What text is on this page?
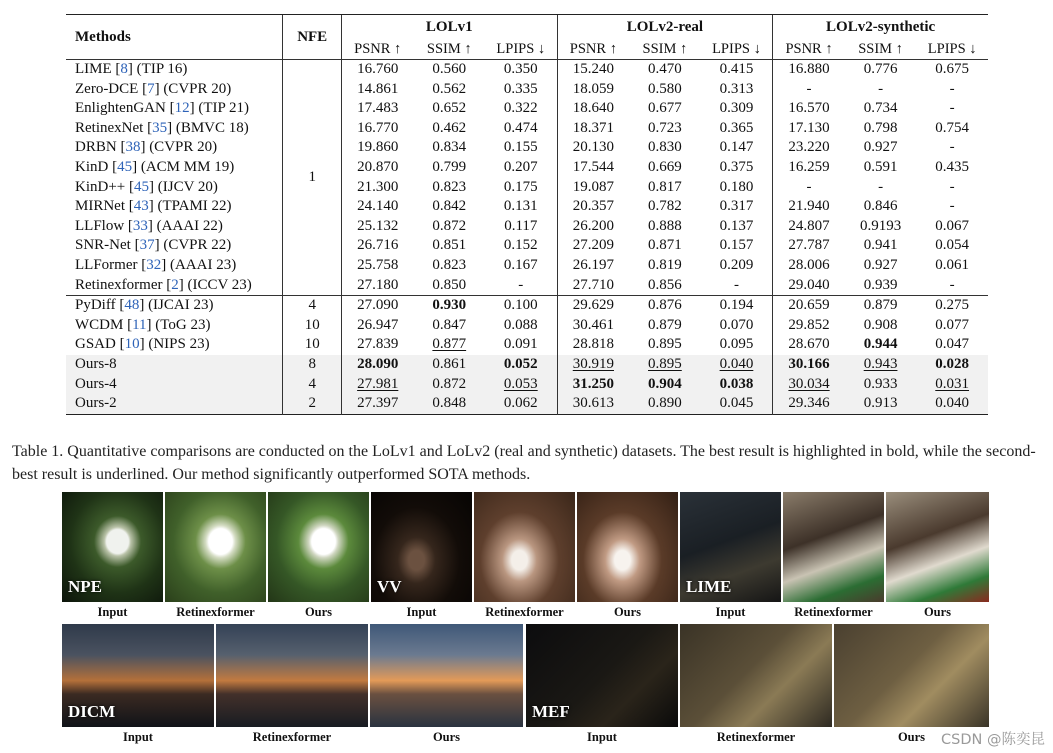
Methods	NFE	LOLv1			LOLv2-real			LOLv2-synthetic		
		PSNR ↑	SSIM ↑	LPIPS ↓	PSNR ↑	SSIM ↑	LPIPS ↓	PSNR ↑	SSIM ↑	LPIPS ↓

LIME [8] (TIP 16)	1	16.760	0.560	0.350	15.240	0.470	0.415	16.880	0.776	0.675
Zero-DCE [7] (CVPR 20)		14.861	0.562	0.335	18.059	0.580	0.313	-	-	-
EnlightenGAN [12] (TIP 21)		17.483	0.652	0.322	18.640	0.677	0.309	16.570	0.734	-
RetinexNet [35] (BMVC 18)		16.770	0.462	0.474	18.371	0.723	0.365	17.130	0.798	0.754
DRBN [38] (CVPR 20)		19.860	0.834	0.155	20.130	0.830	0.147	23.220	0.927	-
KinD [45] (ACM MM 19)		20.870	0.799	0.207	17.544	0.669	0.375	16.259	0.591	0.435
KinD++ [45] (IJCV 20)		21.300	0.823	0.175	19.087	0.817	0.180	-	-	-
MIRNet [43] (TPAMI 22)		24.140	0.842	0.131	20.357	0.782	0.317	21.940	0.846	-
LLFlow [33] (AAAI 22)		25.132	0.872	0.117	26.200	0.888	0.137	24.807	0.9193	0.067
SNR-Net [37] (CVPR 22)		26.716	0.851	0.152	27.209	0.871	0.157	27.787	0.941	0.054
LLFormer [32] (AAAI 23)		25.758	0.823	0.167	26.197	0.819	0.209	28.006	0.927	0.061
Retinexformer [2] (ICCV 23)		27.180	0.850	-	27.710	0.856	-	29.040	0.939	-

PyDiff [48] (IJCAI 23)	4	27.090	0.930	0.100	29.629	0.876	0.194	20.659	0.879	0.275
WCDM [11] (ToG 23)	10	26.947	0.847	0.088	30.461	0.879	0.070	29.852	0.908	0.077
GSAD [10] (NIPS 23)	10	27.839	0.877	0.091	28.818	0.895	0.095	28.670	0.944	0.047
Ours-8	8	28.090	0.861	0.052	30.919	0.895	0.040	30.166	0.943	0.028
Ours-4	4	27.981	0.872	0.053	31.250	0.904	0.038	30.034	0.933	0.031
Ours-2	2	27.397	0.848	0.062	30.613	0.890	0.045	29.346	0.913	0.040

Table 1. Quantitative comparisons are conducted on the LoLv1 and LoLv2 (real and synthetic) datasets. The best result is highlighted in bold, while the second-best result is underlined. Our method significantly outperformed SOTA methods.
NPE	VV	LIME
Input	Retinexformer	Ours	Input	Retinexformer	Ours	Input	Retinexformer	Ours
DICM	MEF
Input	Retinexformer	Ours	Input	Retinexformer	Ours	CSDN @陈奕昆
